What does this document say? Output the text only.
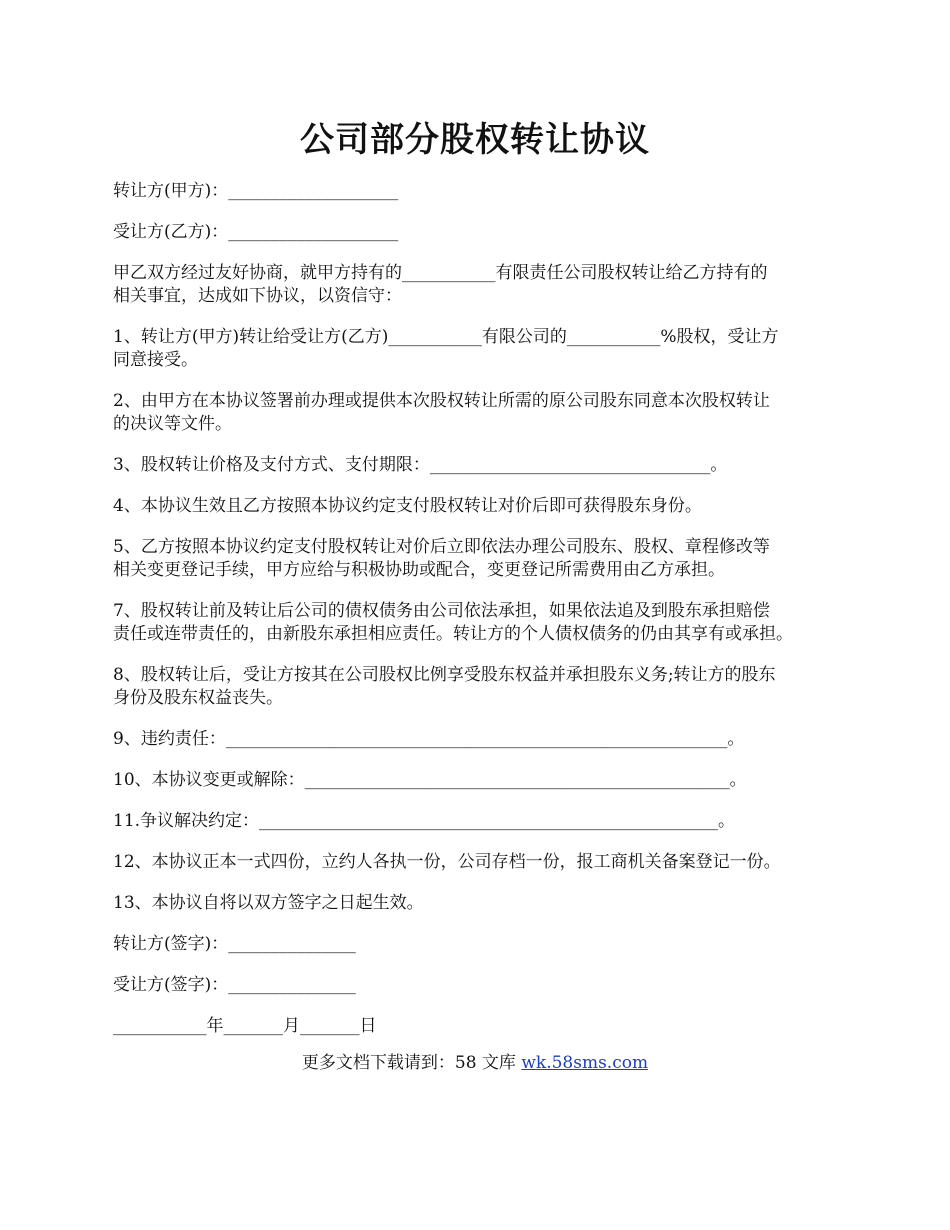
公司部分股权转让协议

转让方(甲方)：____________________

受让方(乙方)：____________________

甲乙双方经过友好协商，就甲方持有的___________有限责任公司股权转让给乙方持有的
相关事宜，达成如下协议，以资信守：

1、转让方(甲方)转让给受让方(乙方)___________有限公司的___________%股权，受让方
同意接受。

2、由甲方在本协议签署前办理或提供本次股权转让所需的原公司股东同意本次股权转让
的决议等文件。

3、股权转让价格及支付方式、支付期限：_________________________________。

4、本协议生效且乙方按照本协议约定支付股权转让对价后即可获得股东身份。

5、乙方按照本协议约定支付股权转让对价后立即依法办理公司股东、股权、章程修改等
相关变更登记手续，甲方应给与积极协助或配合，变更登记所需费用由乙方承担。

7、股权转让前及转让后公司的债权债务由公司依法承担，如果依法追及到股东承担赔偿
责任或连带责任的，由新股东承担相应责任。转让方的个人债权债务的仍由其享有或承担。

8、股权转让后，受让方按其在公司股权比例享受股东权益并承担股东义务;转让方的股东
身份及股东权益丧失。

9、违约责任：___________________________________________________________。

10、本协议变更或解除：__________________________________________________。

11.争议解决约定：______________________________________________________。

12、本协议正本一式四份，立约人各执一份，公司存档一份，报工商机关备案登记一份。

13、本协议自将以双方签字之日起生效。

转让方(签字)：_______________

受让方(签字)：_______________

___________年_______月_______日

更多文档下载请到：58 文库 wk.58sms.com
